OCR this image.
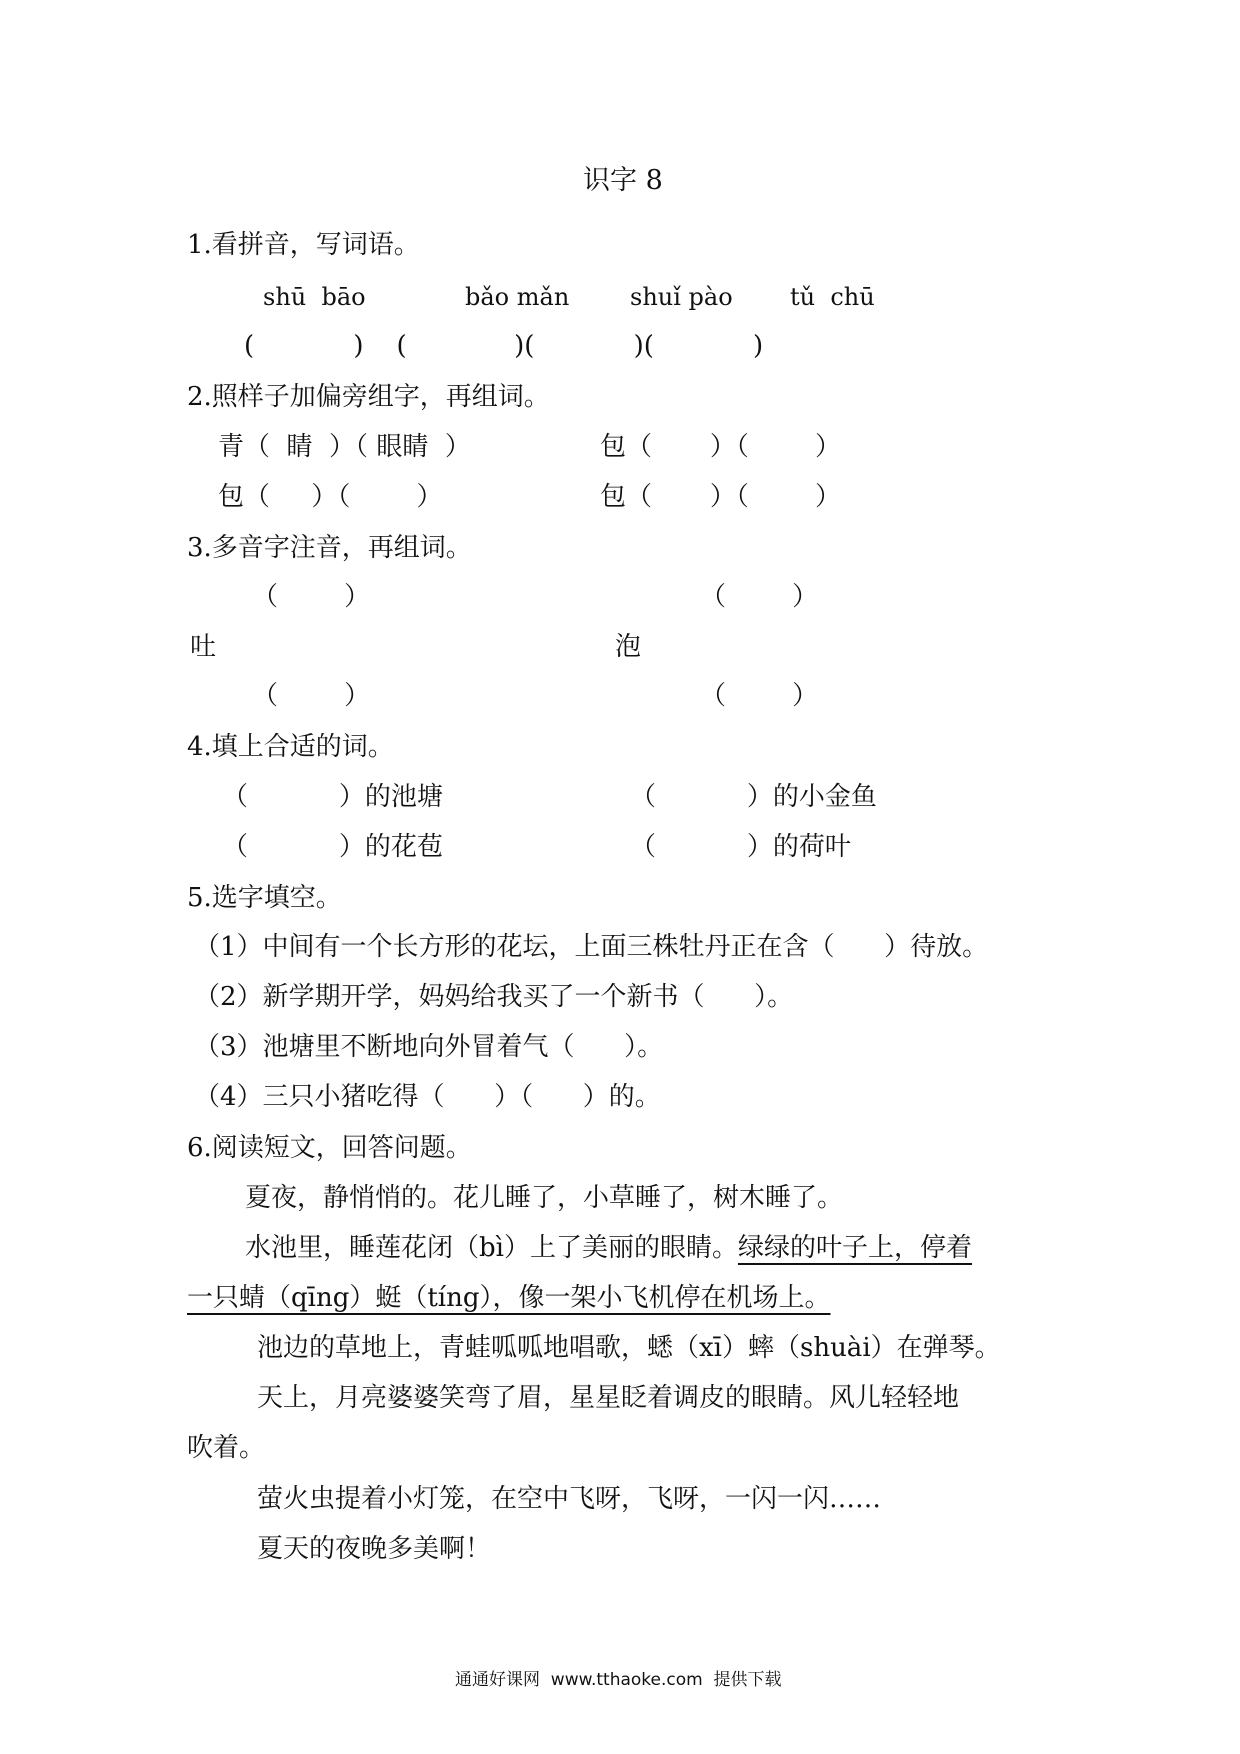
识字 8
1.看拼音，写词语。
shū  bāo	bǎo mǎn	shuǐ pào tǔ  chū
(            )    (             )(            )(            )
2.照样子加偏旁组字，再组词。
青（  睛  ）（ 眼睛  ）	包（       ）（        ）
包（     ）（        ）	包（       ）（        ）
3.多音字注音，再组词。
（        ）	（        ）
吐	泡
（        ）	（        ）
4.填上合适的词。
（           ）的池塘	（           ）的小金鱼
（           ）的花苞	（           ）的荷叶
5.选字填空。
（1）中间有一个长方形的花坛，上面三株牡丹正在含（      ）待放。
（2）新学期开学，妈妈给我买了一个新书（      ）。
（3）池塘里不断地向外冒着气（      ）。
（4）三只小猪吃得（      ）（      ）的。
6.阅读短文，回答问题。
夏夜，静悄悄的。花儿睡了，小草睡了，树木睡了。
水池里，睡莲花闭（bì）上了美丽的眼睛。绿绿的叶子上，停着
一只蜻（qīng）蜓（tíng），像一架小飞机停在机场上。
池边的草地上，青蛙呱呱地唱歌，蟋（xī）蟀（shuài）在弹琴。
天上，月亮婆婆笑弯了眉，星星眨着调皮的眼睛。风儿轻轻地
吹着。
萤火虫提着小灯笼，在空中飞呀，飞呀，一闪一闪……
夏天的夜晚多美啊！
通通好课网  www.tthaoke.com  提供下载
